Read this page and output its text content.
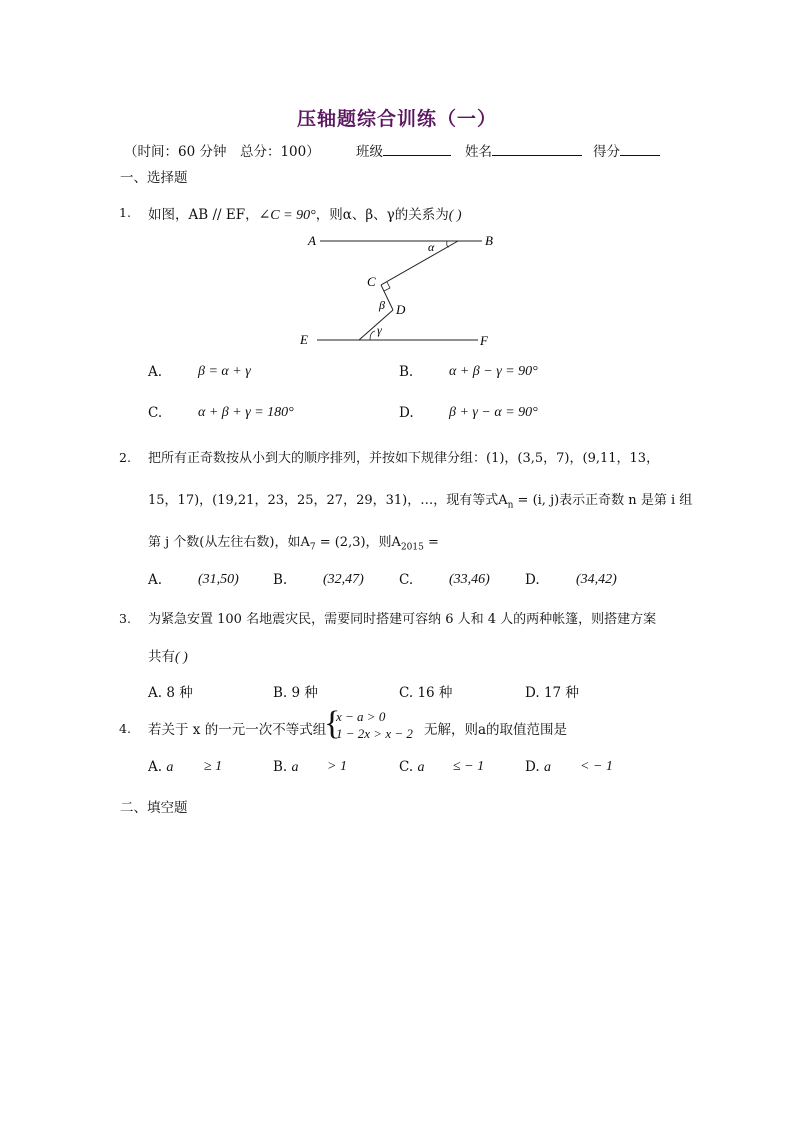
压轴题综合训练（一）
（时间：60 分钟　总分：100）	班级	姓名	得分
一、选择题
1. 如图，AB // EF，∠C = 90°，则α、β、γ的关系为( )
A	B
C
D
E	F
α
β
γ
A.	β = α + γ	B.	α + β − γ = 90°
C.	α + β + γ = 180°	D.	β + γ − α = 90°
2. 把所有正奇数按从小到大的顺序排列，并按如下规律分组：(1)，(3,5，7)，(9,11，13，
15，17)，(19,21，23，25，27，29，31)，…，现有等式$A_n = (i$, j)表示正奇数 n 是第 i 组
第 j 个数(从左往右数)，如$A_7 = (2,3)$，则$A_{2015}$ =
A.	(31,50)	B.	(32,47)	C.	(33,46)	D.	(34,42)
3. 为紧急安置 100 名地震灾民，需要同时搭建可容纳 6 人和 4 人的两种帐篷，则搭建方案
共有( )
A. 8 种	B. 9 种	C. 16 种	D. 17 种
4. 若关于 x 的一元一次不等式组
{
x − a > 0
1 − 2x > x − 2 无解，则a的取值范围是
A. a ≥ 1	B. a > 1	C. a ≤ − 1	D. a < − 1
二、填空题
